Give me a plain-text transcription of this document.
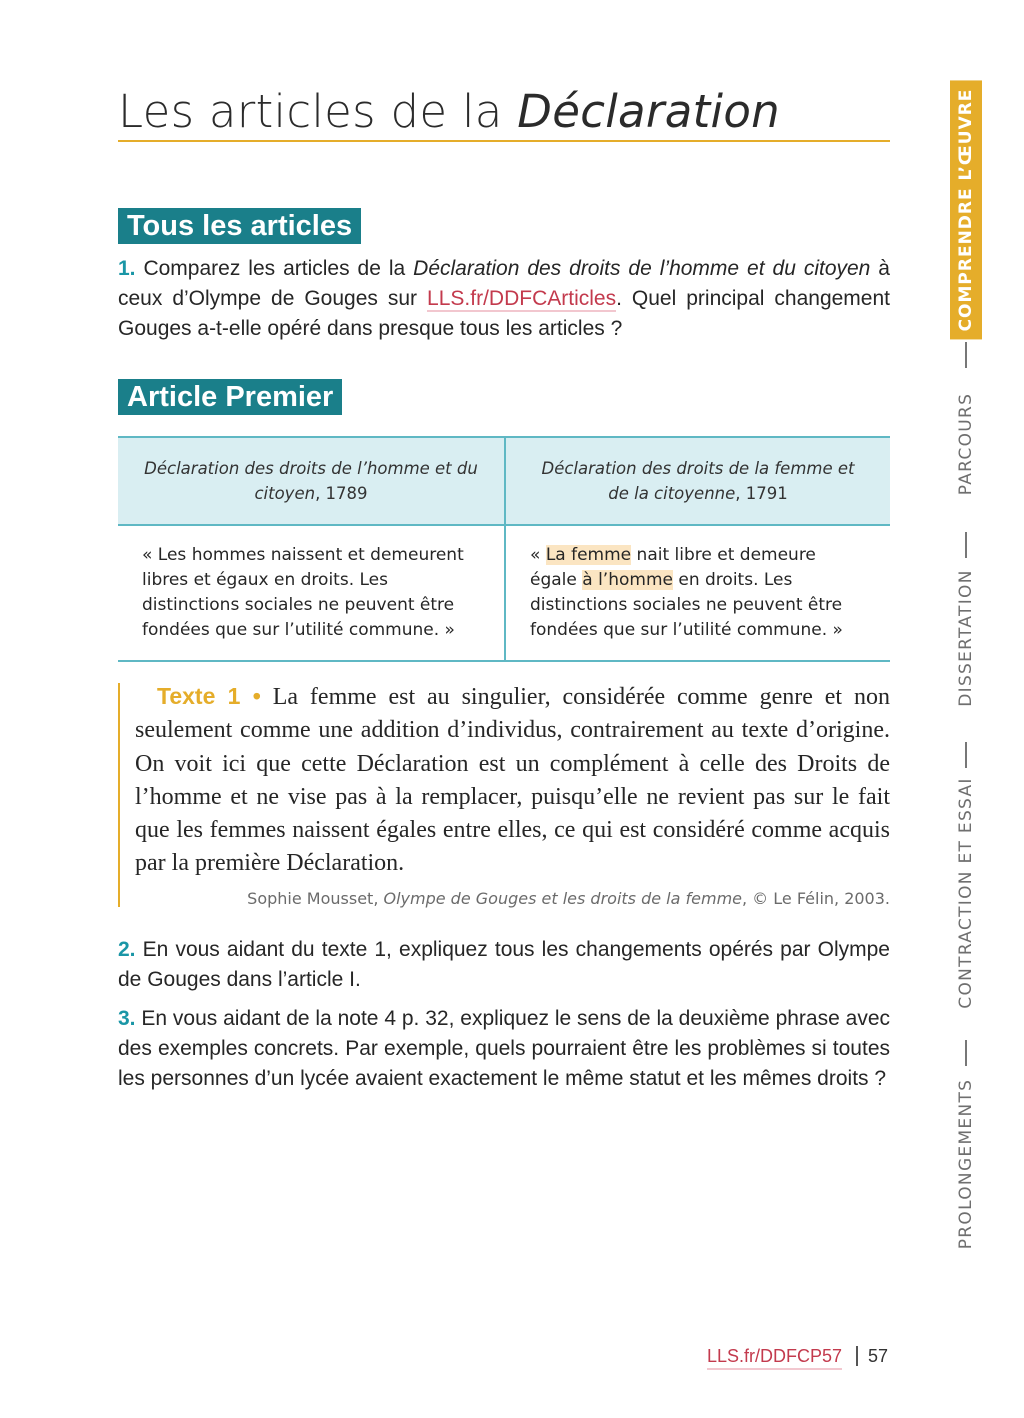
Les articles de la Déclaration
Tous les articles
1. Comparez les articles de la Déclaration des droits de l’homme et du citoyen à ceux d’Olympe de Gouges sur LLS.fr/DDFCArticles. Quel principal changement Gouges a-t-elle opéré dans presque tous les articles ?
Article Premier
Déclaration des droits de l’homme et du citoyen, 1789
Déclaration des droits de la femme et de la citoyenne, 1791
« Les hommes naissent et demeurent libres et égaux en droits. Les distinctions sociales ne peuvent être fondées que sur l’utilité commune. »
« La femme nait libre et demeure égale à l’homme en droits. Les distinctions sociales ne peuvent être fondées que sur l’utilité commune. »
Texte 1 • La femme est au singulier, considérée comme genre et non seulement comme une addition d’individus, contrairement au texte d’origine. On voit ici que cette Déclaration est un complément à celle des Droits de l’homme et ne vise pas à la remplacer, puisqu’elle ne revient pas sur le fait que les femmes naissent égales entre elles, ce qui est considéré comme acquis par la première Déclaration.
Sophie Mousset, Olympe de Gouges et les droits de la femme, © Le Félin, 2003.
2. En vous aidant du texte 1, expliquez tous les changements opérés par Olympe de Gouges dans l’article I.
3. En vous aidant de la note 4 p. 32, expliquez le sens de la deuxième phrase avec des exemples concrets. Par exemple, quels pourraient être les problèmes si toutes les personnes d’un lycée avaient exactement le même statut et les mêmes droits ?
COMPRENDRE L’ŒUVRE
PARCOURS
DISSERTATION
CONTRACTION ET ESSAI
PROLONGEMENTS
LLS.fr/DDFCP57 57
